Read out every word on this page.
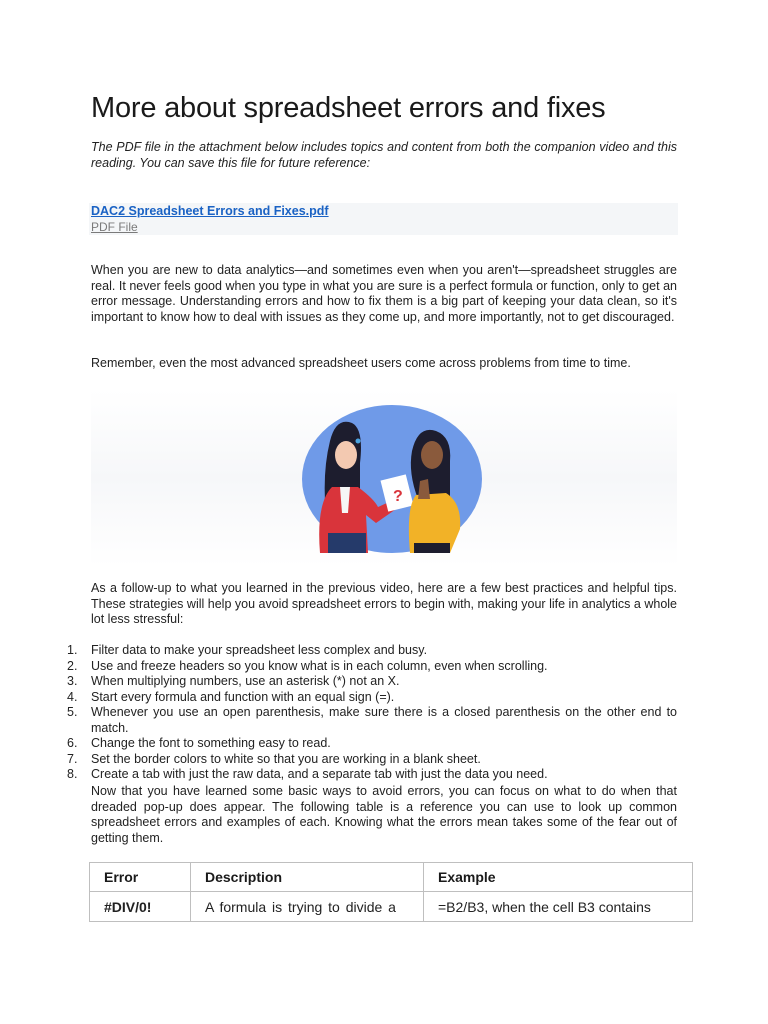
More about spreadsheet errors and fixes

The PDF file in the attachment below includes topics and content from both the companion video and this reading. You can save this file for future reference:

DAC2 Spreadsheet Errors and Fixes.pdf
PDF File

When you are new to data analytics—and sometimes even when you aren't—spreadsheet struggles are real. It never feels good when you type in what you are sure is a perfect formula or function, only to get an error message. Understanding errors and how to fix them is a big part of keeping your data clean, so it's important to know how to deal with issues as they come up, and more importantly, not to get discouraged.

Remember, even the most advanced spreadsheet users come across problems from time to time.

?

As a follow-up to what you learned in the previous video, here are a few best practices and helpful tips. These strategies will help you avoid spreadsheet errors to begin with, making your life in analytics a whole lot less stressful:

1. Filter data to make your spreadsheet less complex and busy.
2. Use and freeze headers so you know what is in each column, even when scrolling.
3. When multiplying numbers, use an asterisk (*) not an X.
4. Start every formula and function with an equal sign (=).
5. Whenever you use an open parenthesis, make sure there is a closed parenthesis on the other end to match.
6. Change the font to something easy to read.
7. Set the border colors to white so that you are working in a blank sheet.
8. Create a tab with just the raw data, and a separate tab with just the data you need.

Now that you have learned some basic ways to avoid errors, you can focus on what to do when that dreaded pop-up does appear. The following table is a reference you can use to look up common spreadsheet errors and examples of each. Knowing what the errors mean takes some of the fear out of getting them.

Error	Description	Example
#DIV/0!	A formula is trying to divide a	=B2/B3, when the cell B3 contains
